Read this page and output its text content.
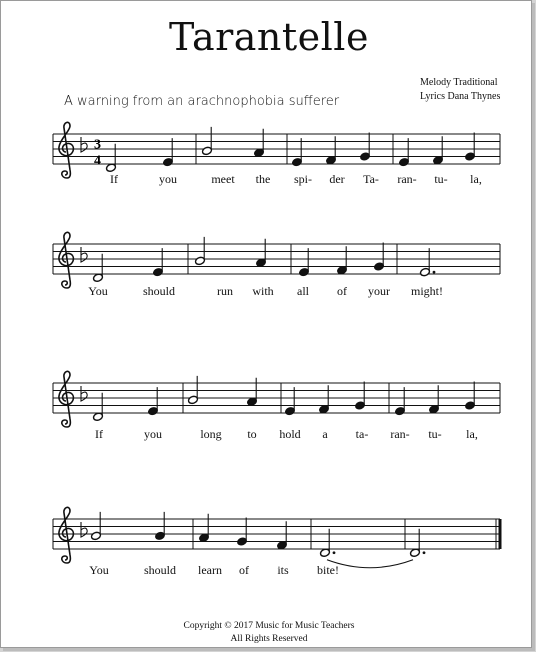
Tarantelle
A warning from an arachnophobia sufferer
Melody Traditional
Lyrics Dana Thynes
3
4
If	you	meet the spi- der Ta- ran- tu- la,
You	should	run with all of your might!
If	you	long to hold a ta- ran- tu- la,
You	should learn of its bite!
Copyright © 2017 Music for Music Teachers
All Rights Reserved
